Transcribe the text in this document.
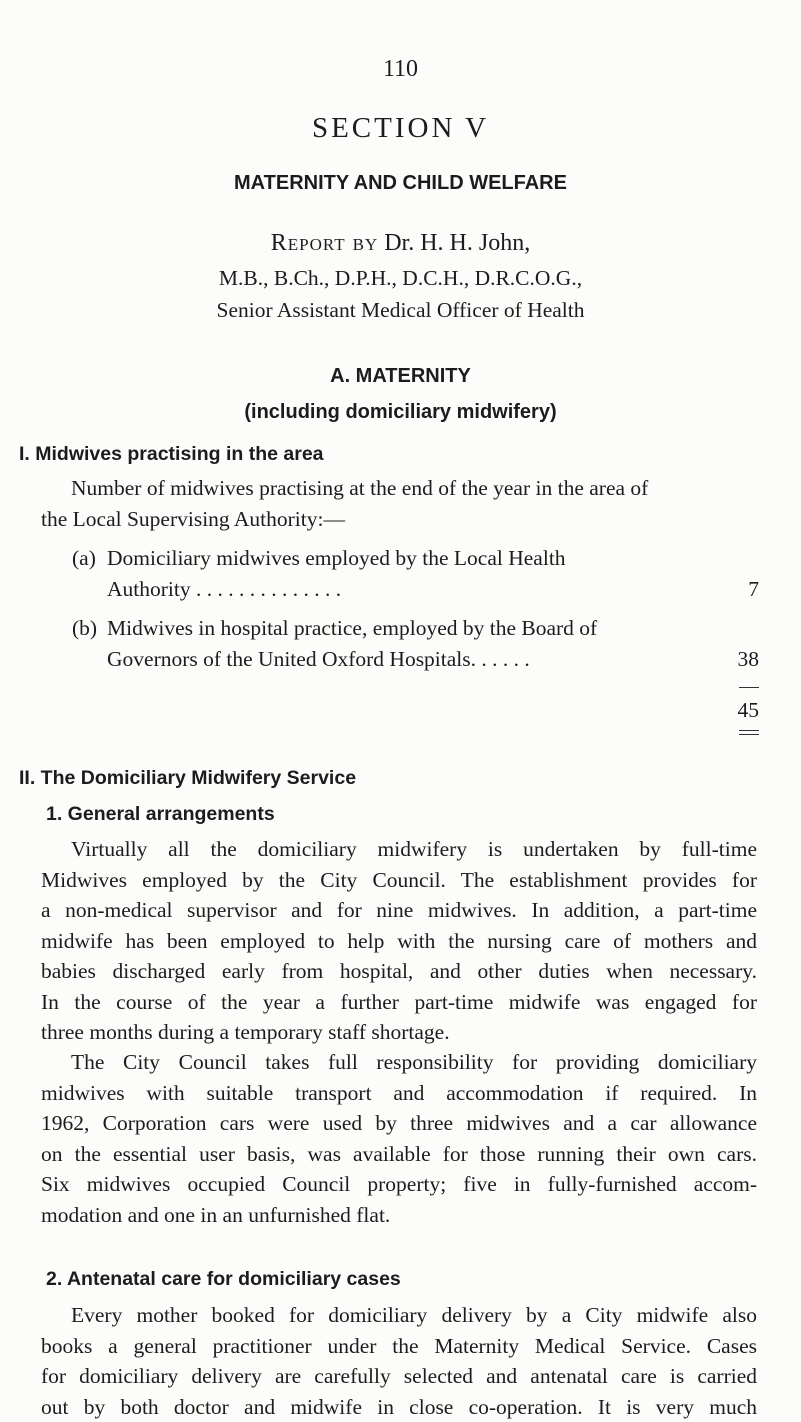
110
SECTION V
MATERNITY AND CHILD WELFARE
Report by Dr. H. H. John,
M.B., B.Ch., D.P.H., D.C.H., D.R.C.O.G.,
Senior Assistant Medical Officer of Health
A. MATERNITY
(including domiciliary midwifery)
I. Midwives practising in the area
Number of midwives practising at the end of the year in the area of
the Local Supervising Authority:—
(a) Domiciliary midwives employed by the Local Health
Authority . . . . . . . . . . . . . .	7
(b) Midwives in hospital practice, employed by the Board of
Governors of the United Oxford Hospitals. . . . . .	38
45
II. The Domiciliary Midwifery Service
1. General arrangements
Virtually all the domiciliary midwifery is undertaken by full-time
Midwives employed by the City Council. The establishment provides for
a non-medical supervisor and for nine midwives. In addition, a part-time
midwife has been employed to help with the nursing care of mothers and
babies discharged early from hospital, and other duties when necessary.
In the course of the year a further part-time midwife was engaged for
three months during a temporary staff shortage.
The City Council takes full responsibility for providing domiciliary
midwives with suitable transport and accommodation if required. In
1962, Corporation cars were used by three midwives and a car allowance
on the essential user basis, was available for those running their own cars.
Six midwives occupied Council property; five in fully-furnished accom-
modation and one in an unfurnished flat.
2. Antenatal care for domiciliary cases
Every mother booked for domiciliary delivery by a City midwife also
books a general practitioner under the Maternity Medical Service. Cases
for domiciliary delivery are carefully selected and antenatal care is carried
out by both doctor and midwife in close co-operation. It is very much
